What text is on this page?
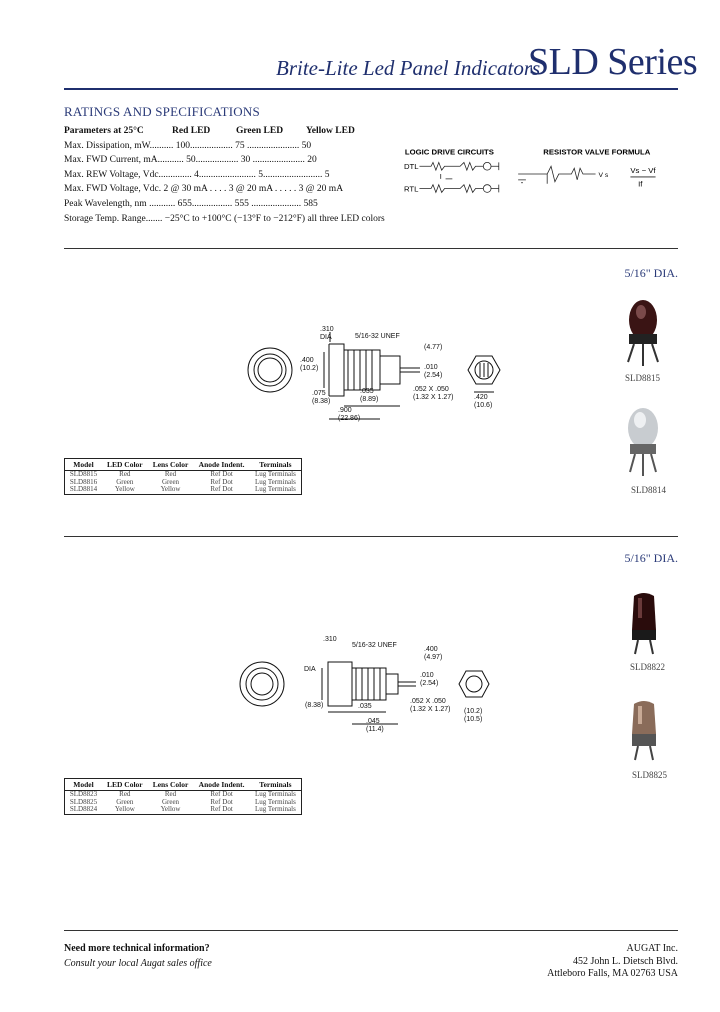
Brite-Lite Led Panel Indicators
SLD Series
RATINGS AND SPECIFICATIONS
Parameters at 25°C	Red LED	Green LED Yellow LED
Max. Dissipation, mW.......... 100.................. 75 ...................... 50
Max. FWD Current, mA........... 50.................. 30 ...................... 20
Max. REW Voltage, Vdc.............. 4........................ 5......................... 5
Max. FWD Voltage, Vdc. 2 @ 30 mA . . . . 3 @ 20 mA . . . . . 3 @ 20 mA
Peak Wavelength, nm ........... 655................. 555 ..................... 585
Storage Temp. Range....... −25°C to +100°C (−13°F to −212°F) all three LED colors
LOGIC DRIVE CIRCUITS	RESISTOR VALVE FORMULA
DTL
RTL
V s
Vs − Vf
If
5/16" DIA.
.310
DIA	5/16-32 UNEF
(4.77)
.400
(10.2)	.010
(2.54)
.052 X .050
(1.32 X 1.27)
.035
(8.89)
.075
(8.38)
.900
(22.86)
.420
(10.6)
Model	LED Color	Lens Color	Anode Indent.	Terminals
SLD8815	Red	Red	Ref Dot	Lug Terminals
SLD8816	Green	Green	Ref Dot	Lug Terminals
SLD8814	Yellow	Yellow	Ref Dot	Lug Terminals
SLD8815
SLD8814
5/16" DIA.
.310
5/16-32 UNEF
.400
(4.97)
DIA
.010
(2.54)
.052 X .050
(1.32 X 1.27)
.035
(8.38)
.045
(11.4)
(10.2)
(10.5)
Model	LED Color	Lens Color	Anode Indent.	Terminals
SLD8823	Red	Red	Ref Dot	Lug Terminals
SLD8825	Green	Green	Ref Dot	Lug Terminals
SLD8824	Yellow	Yellow	Ref Dot	Lug Terminals
SLD8822
SLD8825
Need more technical information?
Consult your local Augat sales office
AUGAT Inc.
452 John L. Dietsch Blvd.
Attleboro Falls, MA 02763 USA
